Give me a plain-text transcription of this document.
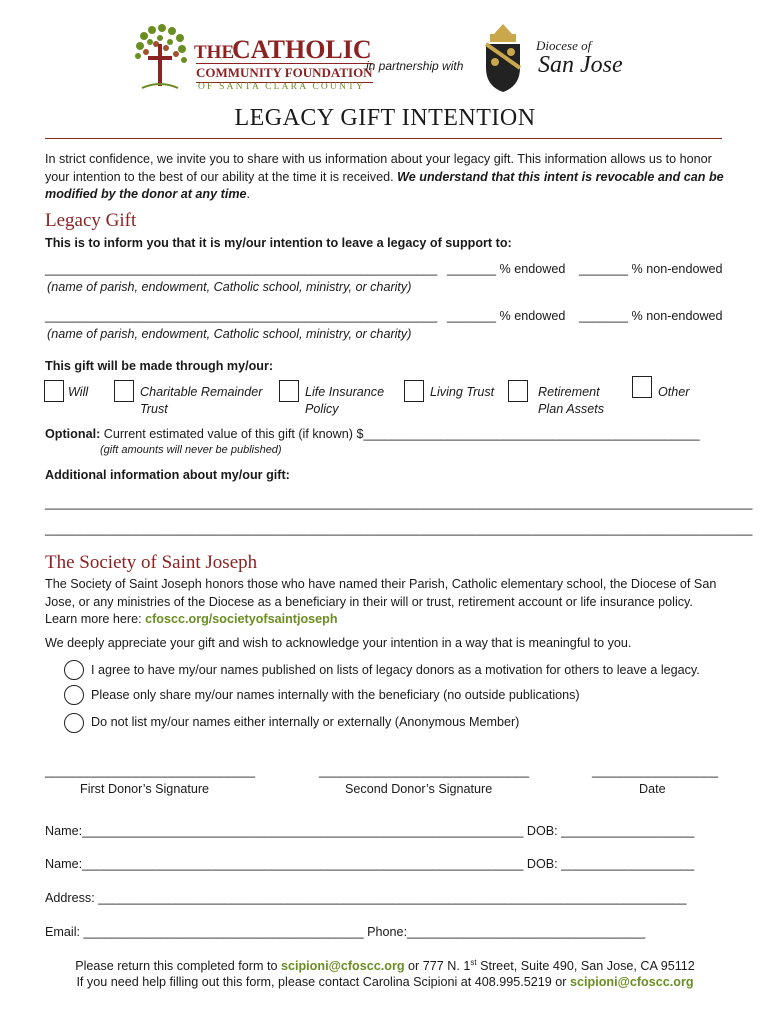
THE
CATHOLIC
COMMUNITY FOUNDATION
OF SANTA CLARA COUNTY
in partnership with
Diocese of
San Jose
LEGACY GIFT INTENTION
In strict confidence, we invite you to share with us information about your legacy gift. This information allows us to honor your intention to the best of our ability at the time it is received. We understand that this intent is revocable and can be modified by the donor at any time.
Legacy Gift
This is to inform you that it is my/our intention to leave a legacy of support to:
________________________________________________________ _______ % endowed _______ % non-endowed
(name of parish, endowment, Catholic school, ministry, or charity)
________________________________________________________ _______ % endowed _______ % non-endowed
(name of parish, endowment, Catholic school, ministry, or charity)
This gift will be made through my/our:
Will	Charitable Remainder
Trust
Life Insurance
Policy
Living Trust	Retirement
Plan Assets
Other
Optional: Current estimated value of this gift (if known) $________________________________________________
(gift amounts will never be published)
Additional information about my/our gift:
_____________________________________________________________________________________________________
_____________________________________________________________________________________________________
The Society of Saint Joseph
The Society of Saint Joseph honors those who have named their Parish, Catholic elementary school, the Diocese of San Jose, or any ministries of the Diocese as a beneficiary in their will or trust, retirement account or life insurance policy. Learn more here: cfoscc.org/societyofsaintjoseph
We deeply appreciate your gift and wish to acknowledge your intention in a way that is meaningful to you.
I agree to have my/our names published on lists of legacy donors as a motivation for others to leave a legacy.
Please only share my/our names internally with the beneficiary (no outside publications)
Do not list my/our names either internally or externally (Anonymous Member)
______________________________
First Donor’s Signature
______________________________
Second Donor’s Signature
__________________
Date
Name:_______________________________________________________________ DOB: ___________________
Name:_______________________________________________________________ DOB: ___________________
Address: ____________________________________________________________________________________
Email: ________________________________________ Phone:__________________________________
Please return this completed form to scipioni@cfoscc.org or 777 N. 1st Street, Suite 490, San Jose, CA 95112
If you need help filling out this form, please contact Carolina Scipioni at 408.995.5219 or scipioni@cfoscc.org
